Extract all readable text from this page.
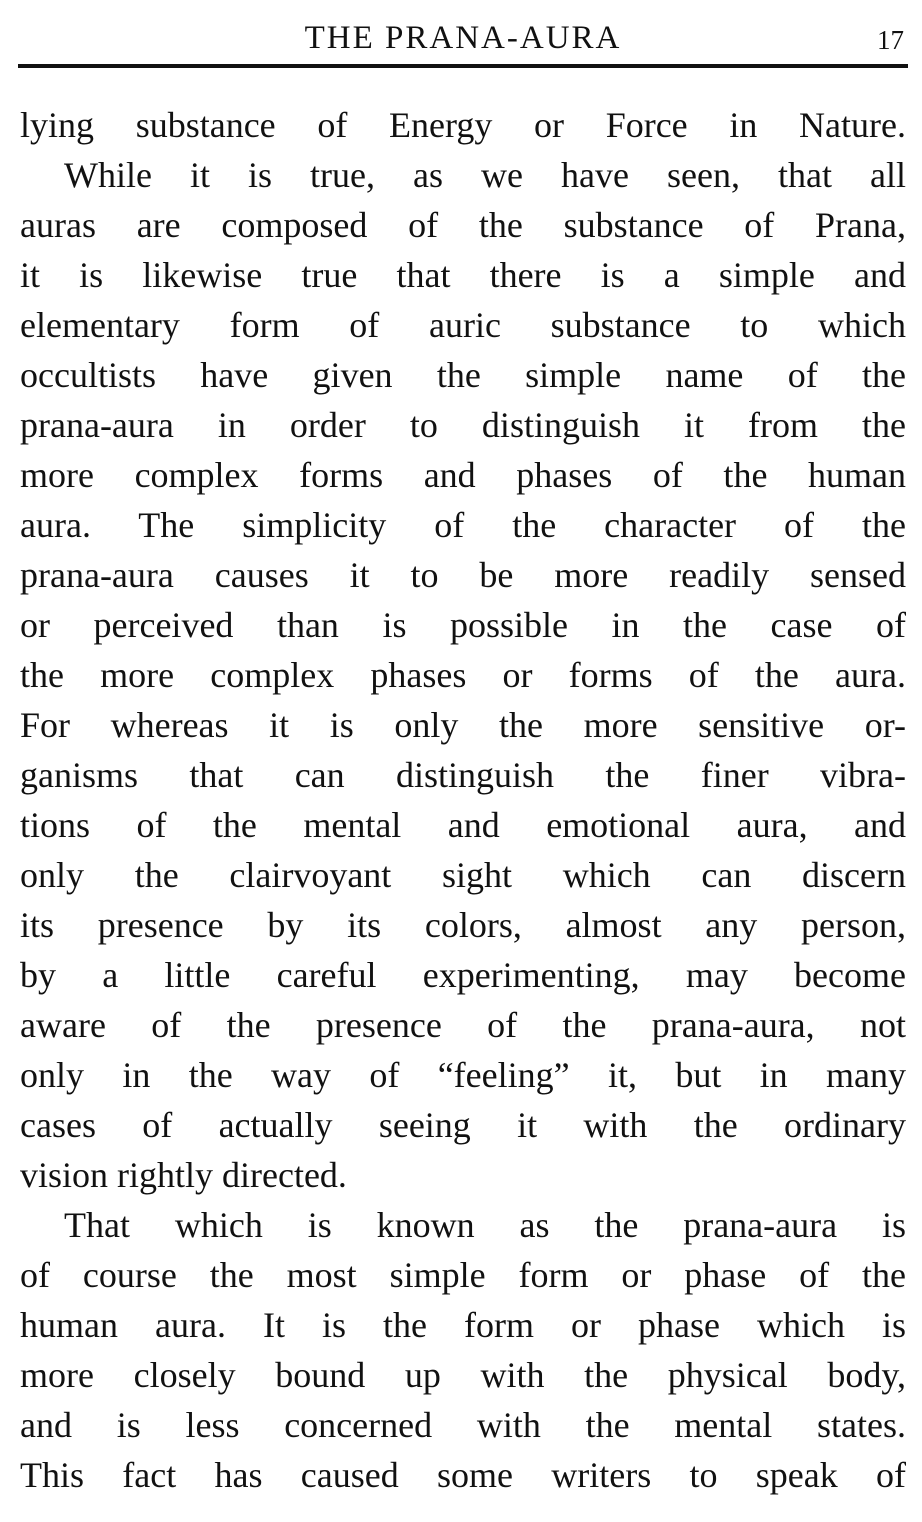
THE PRANA-AURA	17
lying substance of Energy or Force in Nature.
While it is true, as we have seen, that all
auras are composed of the substance of Prana,
it is likewise true that there is a simple and
elementary form of auric substance to which
occultists have given the simple name of the
prana-aura in order to distinguish it from the
more complex forms and phases of the human
aura. The simplicity of the character of the
prana-aura causes it to be more readily sensed
or perceived than is possible in the case of
the more complex phases or forms of the aura.
For whereas it is only the more sensitive or-
ganisms that can distinguish the finer vibra-
tions of the mental and emotional aura, and
only the clairvoyant sight which can discern
its presence by its colors, almost any person,
by a little careful experimenting, may become
aware of the presence of the prana-aura, not
only in the way of “feeling” it, but in many
cases of actually seeing it with the ordinary
vision rightly directed.
That which is known as the prana-aura is
of course the most simple form or phase of the
human aura. It is the form or phase which is
more closely bound up with the physical body,
and is less concerned with the mental states.
This fact has caused some writers to speak of
